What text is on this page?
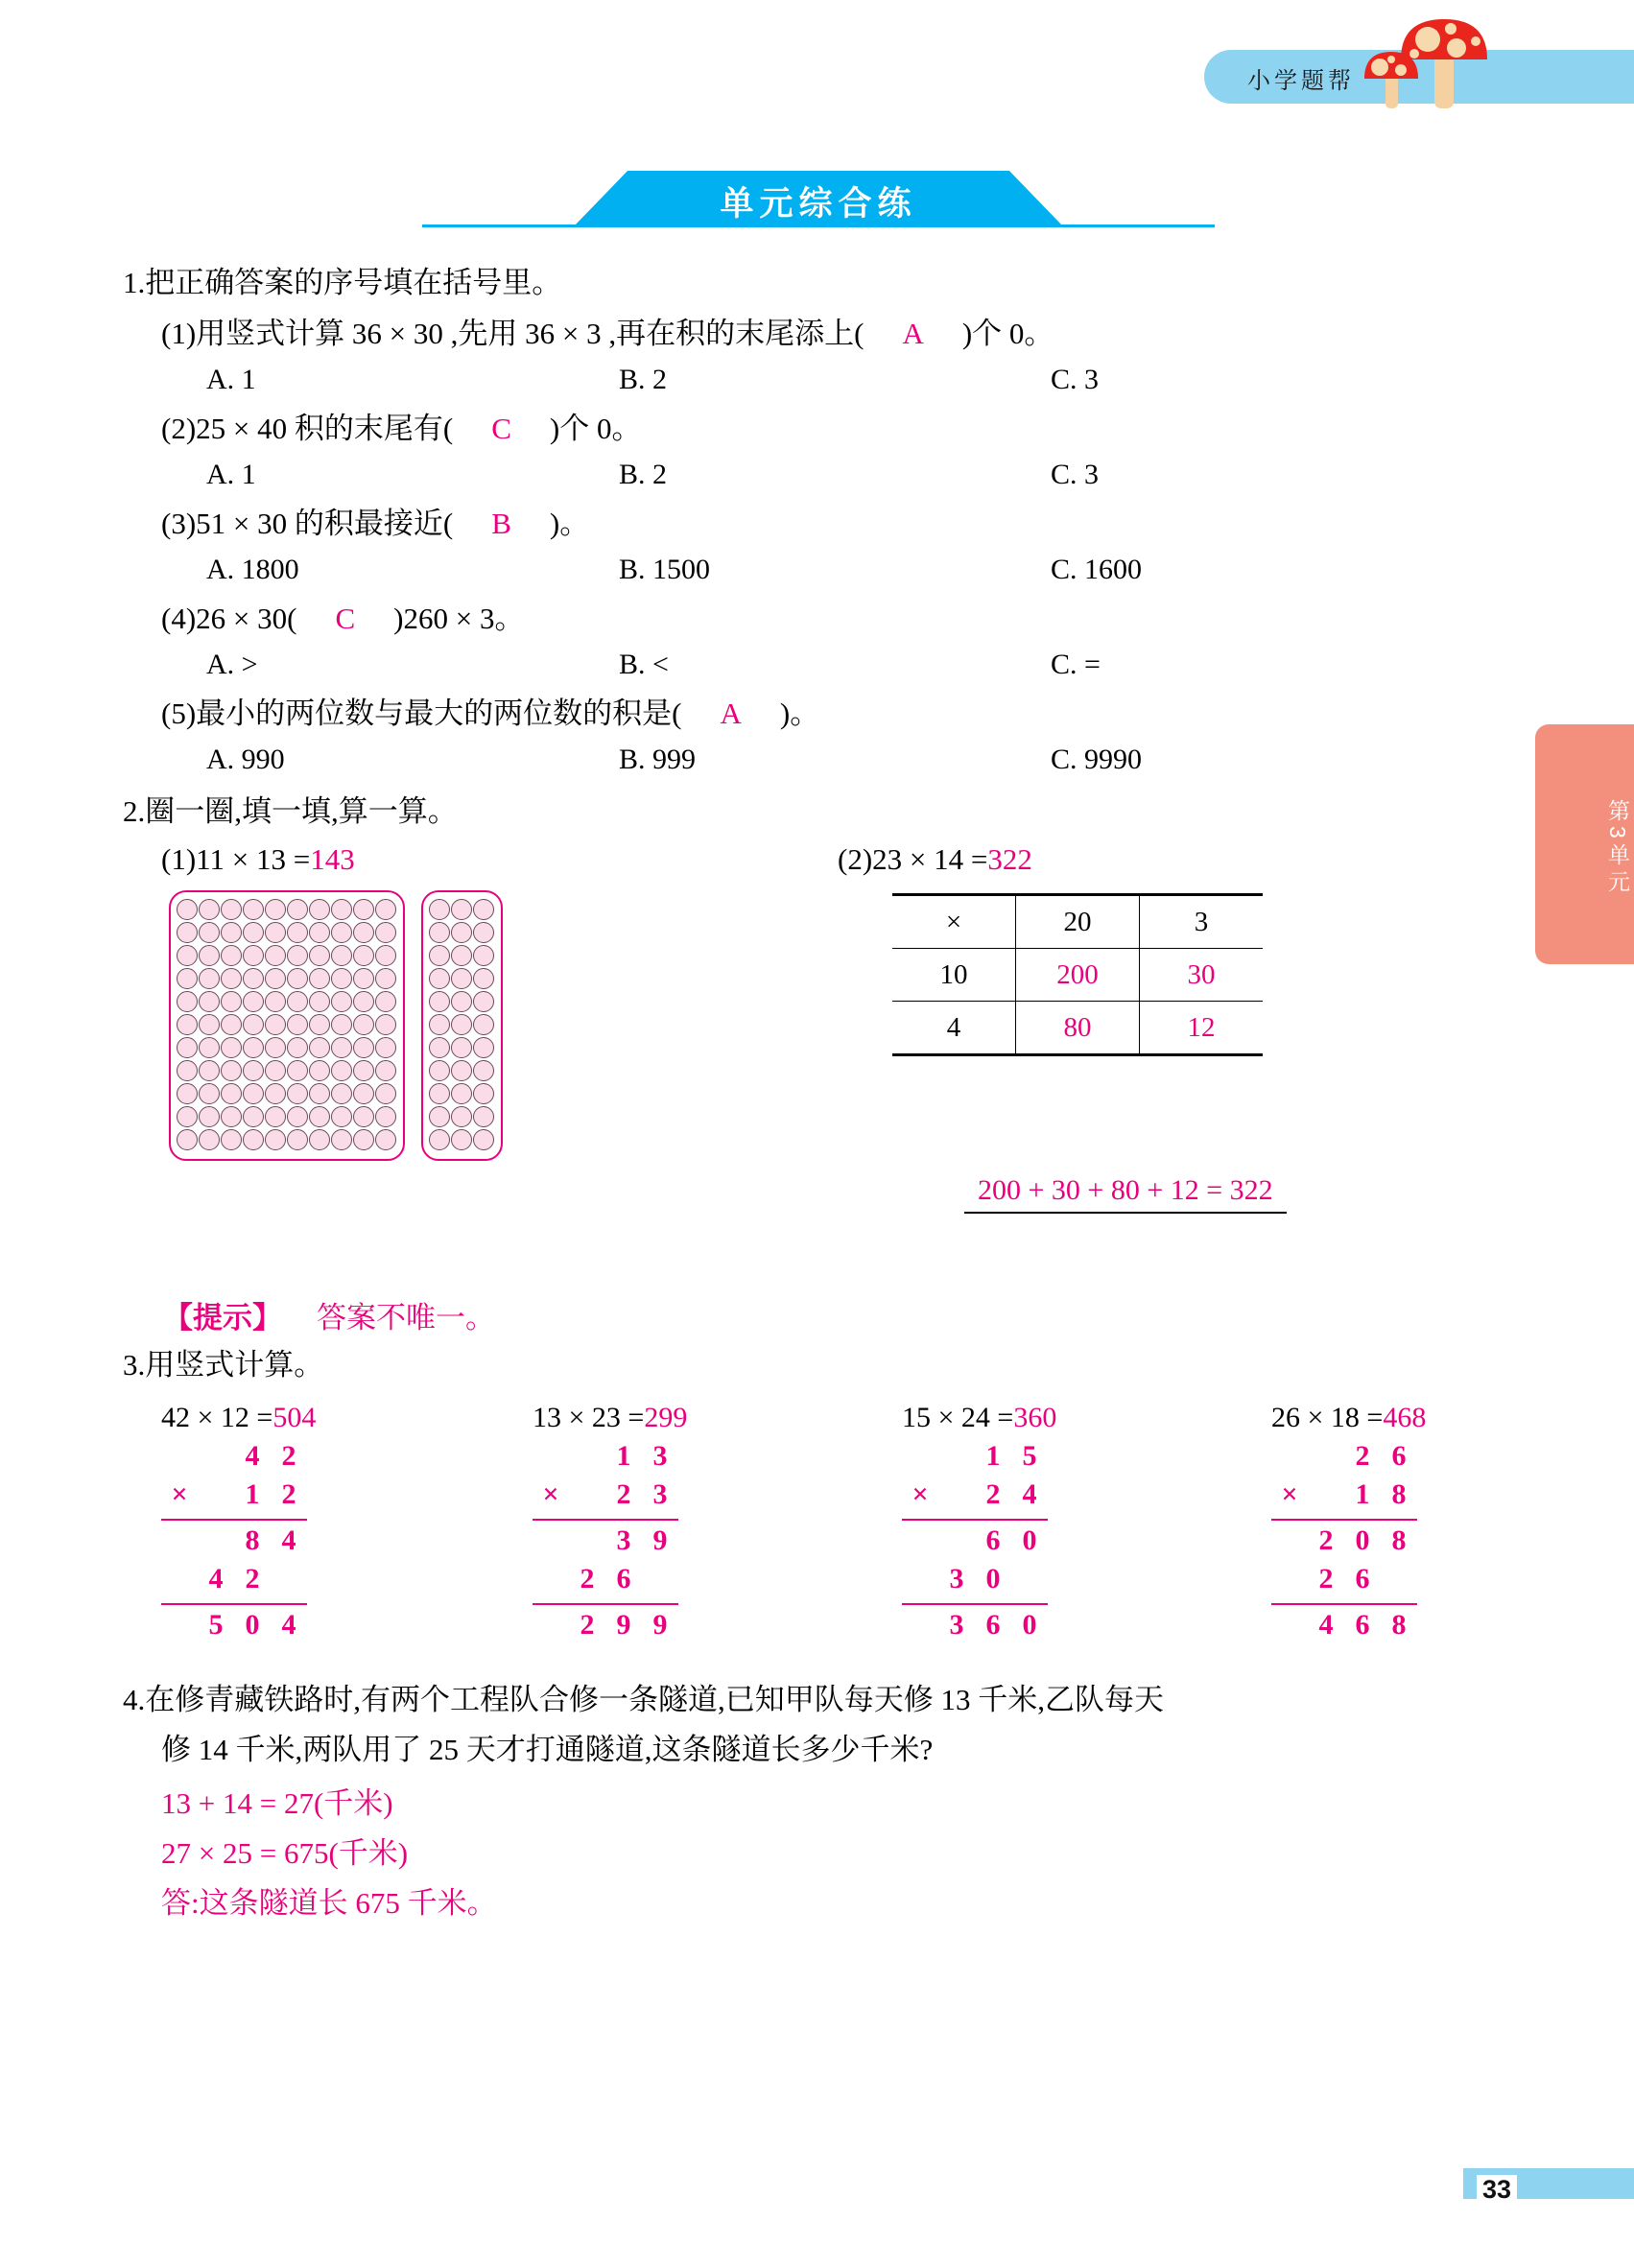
小学题帮
单元综合练
第3单元
33
1.把正确答案的序号填在括号里。
(1)用竖式计算 36 × 30 ,先用 36 × 3 ,再在积的末尾添上( A )个 0。
A. 1	B. 2	C. 3
(2)25 × 40 积的末尾有( C )个 0。
A. 1	B. 2	C. 3
(3)51 × 30 的积最接近( B )。
A. 1800	B. 1500	C. 1600
(4)26 × 30( C )260 × 3。
A. >	B. <	C. =
(5)最小的两位数与最大的两位数的积是( A )。
A. 990	B. 999	C. 9990
2.圈一圈,填一填,算一算。
(1)11 × 13 =143	(2)23 × 14 =322
×	20	3
10	200	30
4	80	12
200 + 30 + 80 + 12 = 322
【提示】 答案不唯一。
3.用竖式计算。
42 × 12 =504
4 2
× 1 2
8 4
4 2
5 0 4
13 × 23 =299
1 3
× 2 3
3 9
2 6
2 9 9
15 × 24 =360
1 5
× 2 4
6 0
3 0
3 6 0
26 × 18 =468
2 6
× 1 8
2 0 8
2 6
4 6 8
4.在修青藏铁路时,有两个工程队合修一条隧道,已知甲队每天修 13 千米,乙队每天
修 14 千米,两队用了 25 天才打通隧道,这条隧道长多少千米?
13 + 14 = 27(千米)
27 × 25 = 675(千米)
答:这条隧道长 675 千米。
